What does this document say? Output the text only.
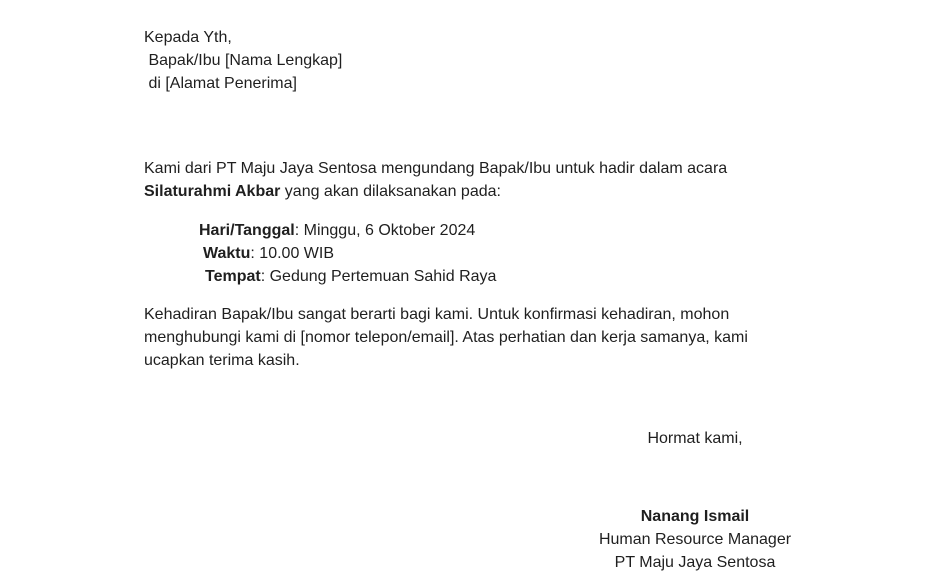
Kepada Yth,
Bapak/Ibu [Nama Lengkap]
di [Alamat Penerima]
Kami dari PT Maju Jaya Sentosa mengundang Bapak/Ibu untuk hadir dalam acara
Silaturahmi Akbar yang akan dilaksanakan pada:
Hari/Tanggal: Minggu, 6 Oktober 2024
Waktu: 10.00 WIB
Tempat: Gedung Pertemuan Sahid Raya
Kehadiran Bapak/Ibu sangat berarti bagi kami. Untuk konfirmasi kehadiran, mohon
menghubungi kami di [nomor telepon/email]. Atas perhatian dan kerja samanya, kami
ucapkan terima kasih.
Hormat kami,
Nanang Ismail
Human Resource Manager
PT Maju Jaya Sentosa
